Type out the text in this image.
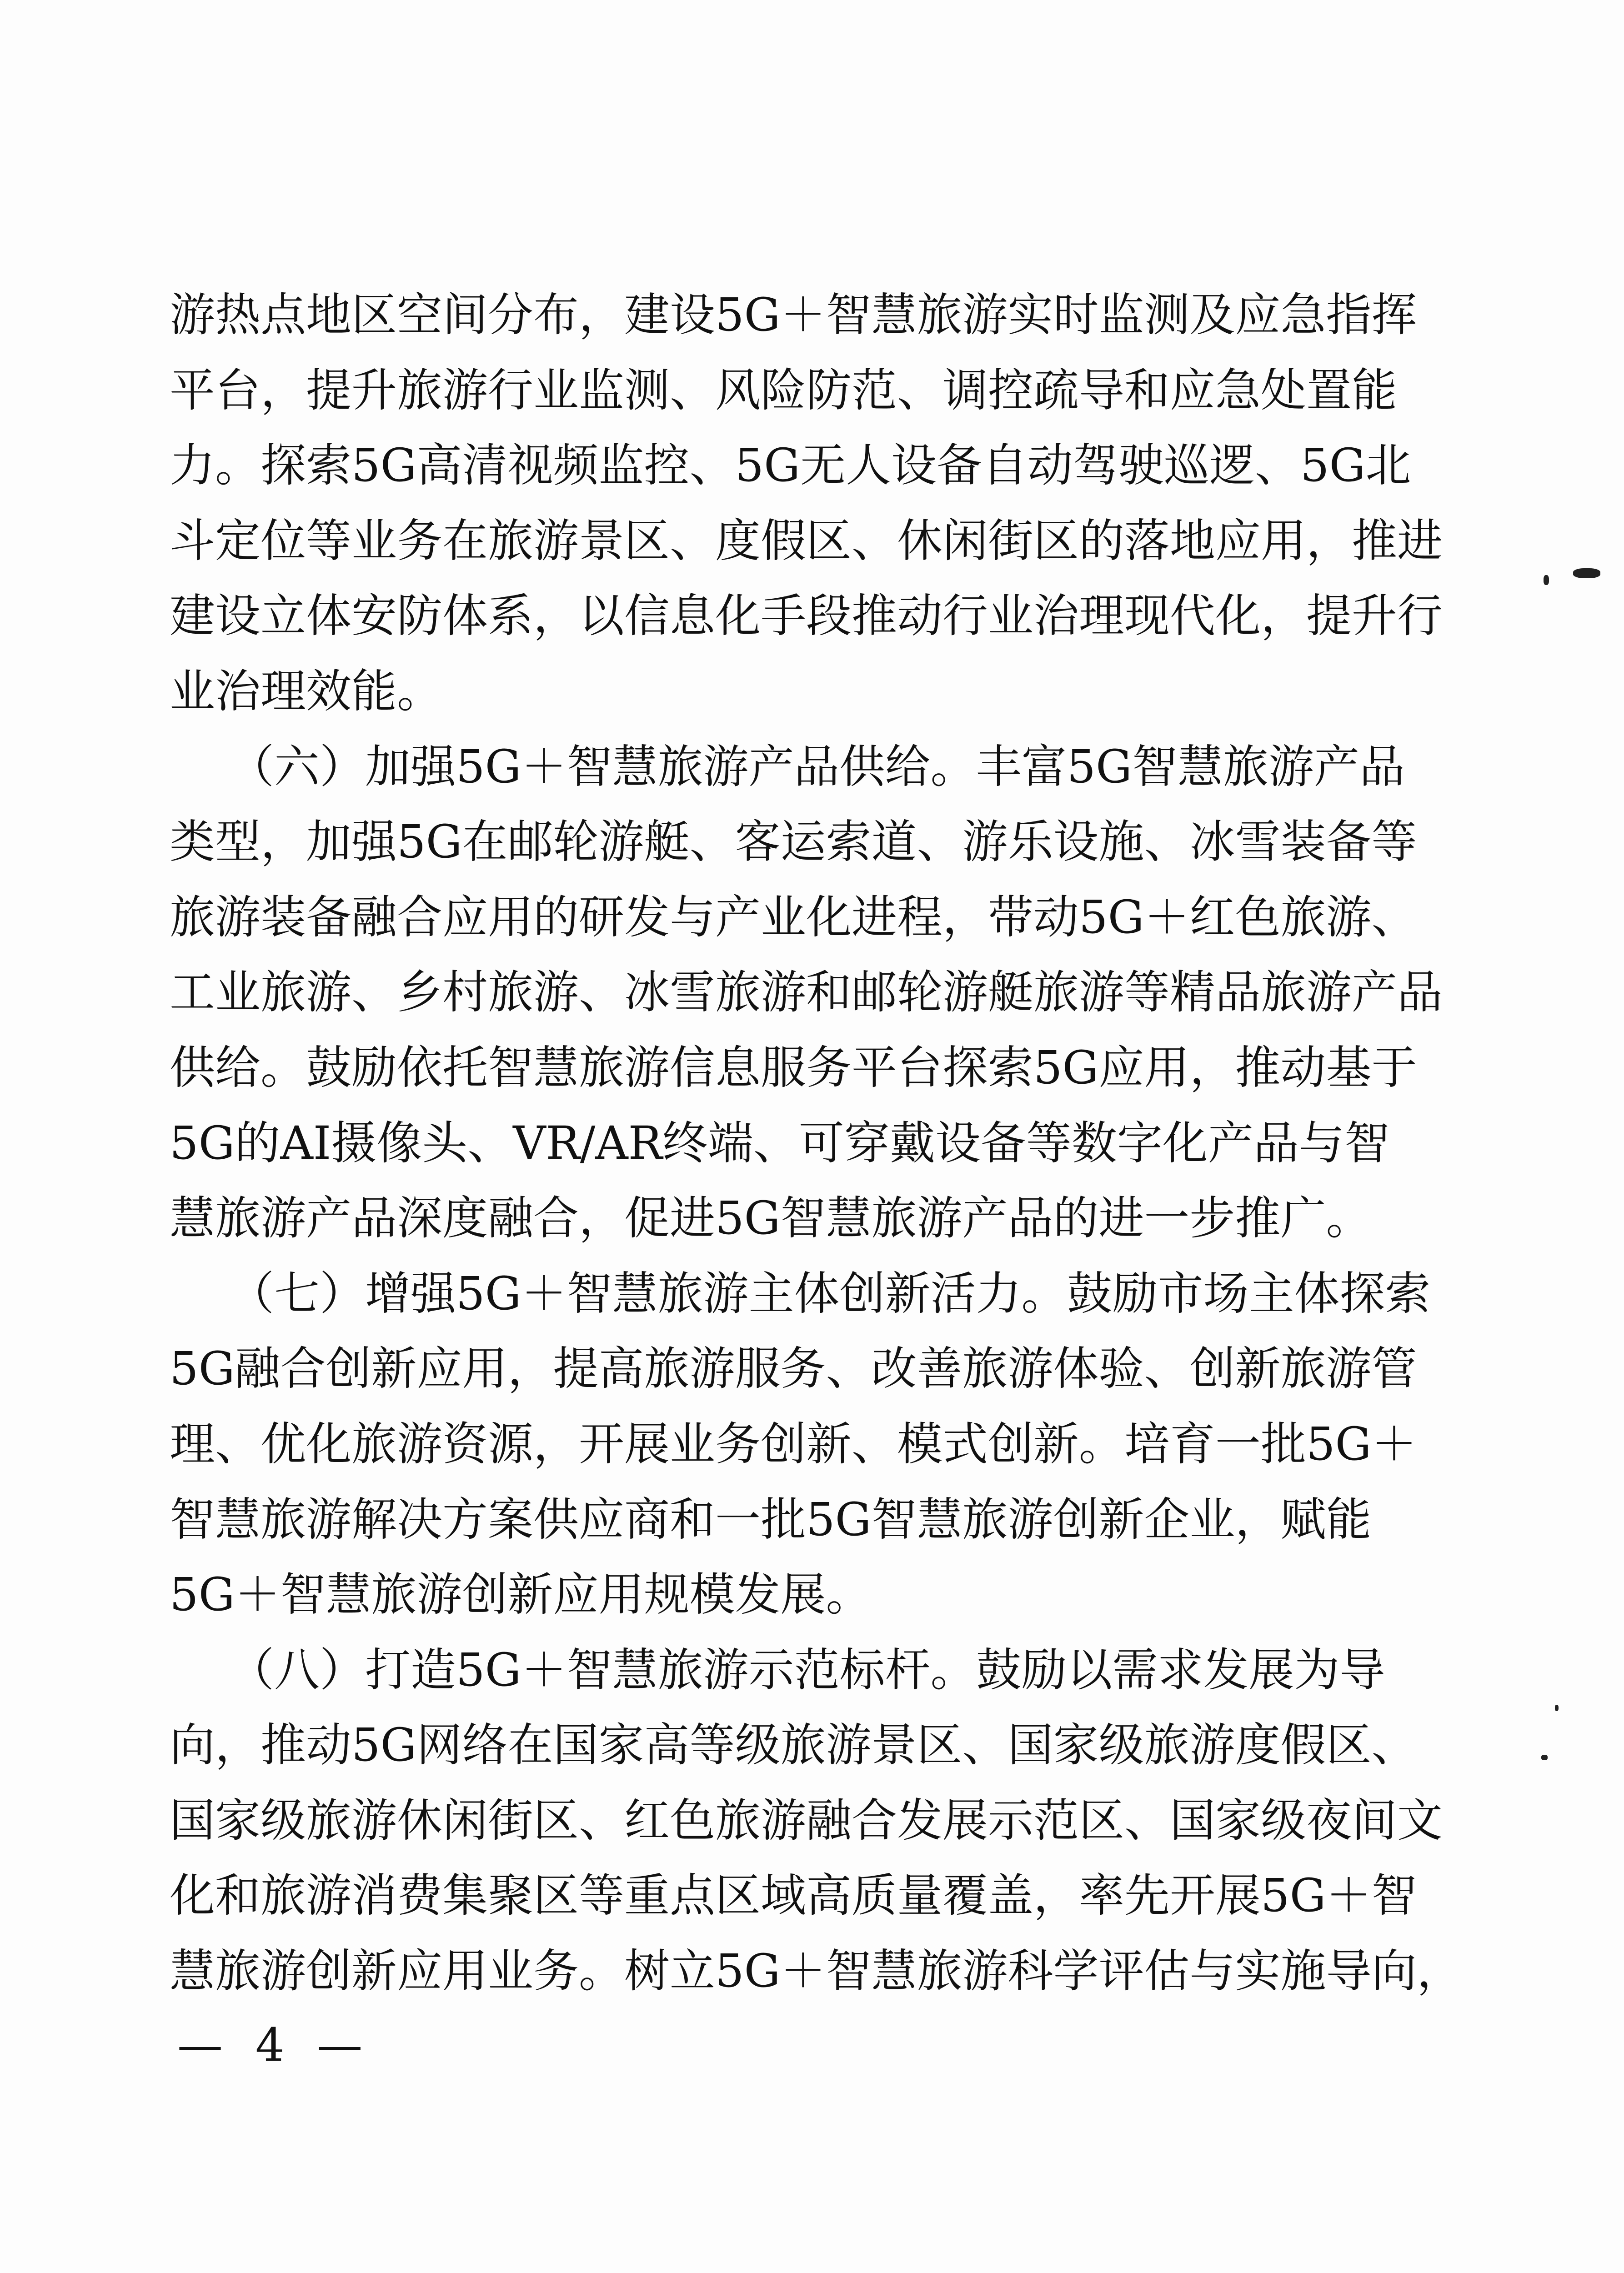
游热点地区空间分布，建设5G＋智慧旅游实时监测及应急指挥
平台，提升旅游行业监测、风险防范、调控疏导和应急处置能
力。探索5G高清视频监控、5G无人设备自动驾驶巡逻、5G北
斗定位等业务在旅游景区、度假区、休闲街区的落地应用，推进
建设立体安防体系，以信息化手段推动行业治理现代化，提升行
业治理效能。
（六）加强5G＋智慧旅游产品供给。丰富5G智慧旅游产品
类型，加强5G在邮轮游艇、客运索道、游乐设施、冰雪装备等
旅游装备融合应用的研发与产业化进程，带动5G＋红色旅游、
工业旅游、乡村旅游、冰雪旅游和邮轮游艇旅游等精品旅游产品
供给。鼓励依托智慧旅游信息服务平台探索5G应用，推动基于
5G的AI摄像头、VR/AR终端、可穿戴设备等数字化产品与智
慧旅游产品深度融合，促进5G智慧旅游产品的进一步推广。
（七）增强5G＋智慧旅游主体创新活力。鼓励市场主体探索
5G融合创新应用，提高旅游服务、改善旅游体验、创新旅游管
理、优化旅游资源，开展业务创新、模式创新。培育一批5G＋
智慧旅游解决方案供应商和一批5G智慧旅游创新企业，赋能
5G＋智慧旅游创新应用规模发展。
（八）打造5G＋智慧旅游示范标杆。鼓励以需求发展为导
向，推动5G网络在国家高等级旅游景区、国家级旅游度假区、
国家级旅游休闲街区、红色旅游融合发展示范区、国家级夜间文
化和旅游消费集聚区等重点区域高质量覆盖，率先开展5G＋智
慧旅游创新应用业务。树立5G＋智慧旅游科学评估与实施导向，
— 4 —
